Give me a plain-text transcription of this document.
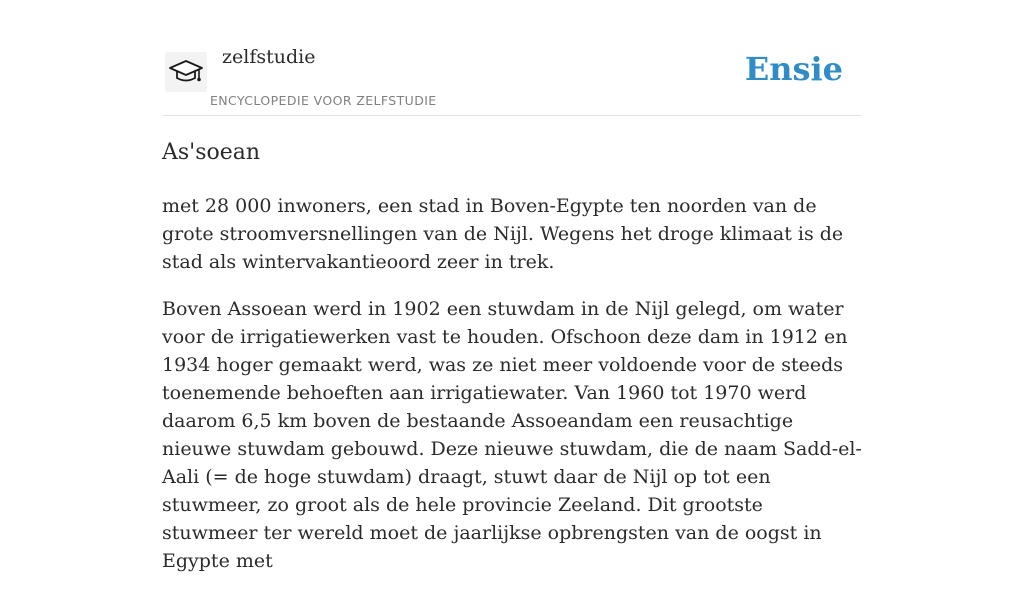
zelfstudie
ENCYCLOPEDIE VOOR ZELFSTUDIE
Ensie
As'soean

met 28 000 inwoners, een stad in Boven-Egypte ten noorden van de grote stroomversnellingen van de Nijl. Wegens het droge klimaat is de stad als wintervakantieoord zeer in trek.

Boven Assoean werd in 1902 een stuwdam in de Nijl gelegd, om water voor de irrigatiewerken vast te houden. Ofschoon deze dam in 1912 en 1934 hoger gemaakt werd, was ze niet meer voldoende voor de steeds toenemende behoeften aan irrigatiewater. Van 1960 tot 1970 werd daarom 6,5 km boven de bestaande Assoeandam een reusachtige nieuwe stuwdam gebouwd. Deze nieuwe stuwdam, die de naam Sadd-el-Aali (= de hoge stuwdam) draagt, stuwt daar de Nijl op tot een stuwmeer, zo groot als de hele provincie Zeeland. Dit grootste stuwmeer ter wereld moet de jaarlijkse opbrengsten van de oogst in Egypte met
